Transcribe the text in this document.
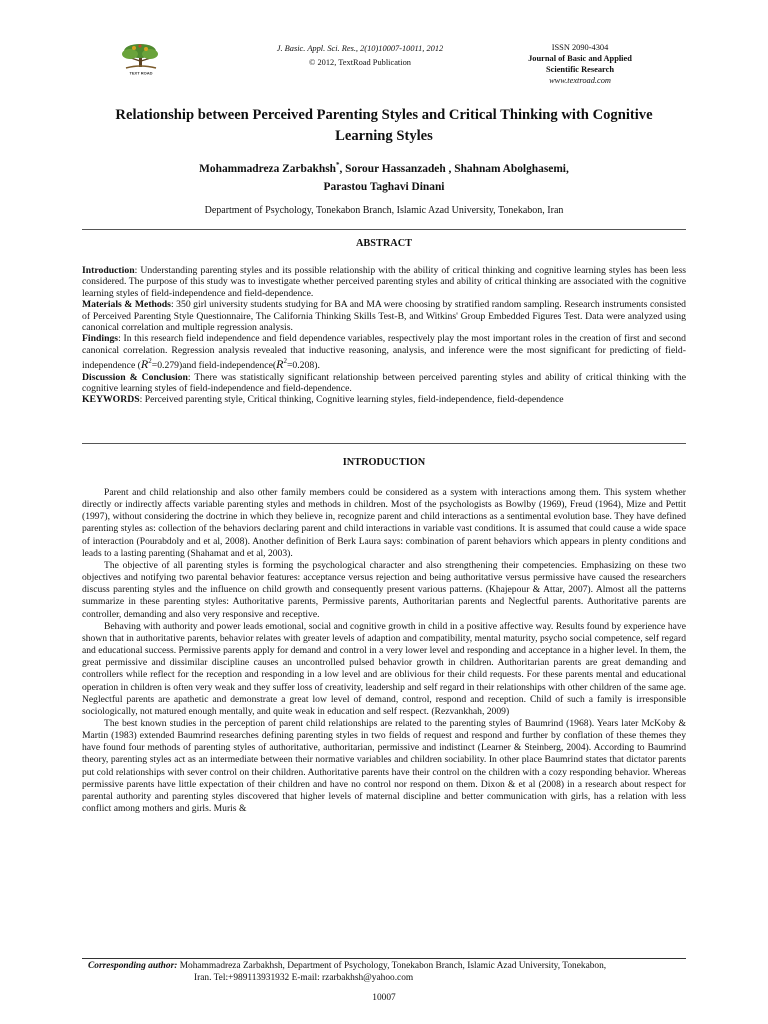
TEXT ROAD
J. Basic. Appl. Sci. Res., 2(10)10007-10011, 2012
© 2012, TextRoad Publication
ISSN 2090-4304
Journal of Basic and Applied
Scientific Research
www.textroad.com
Relationship between Perceived Parenting Styles and Critical Thinking with Cognitive Learning Styles

Mohammadreza Zarbakhsh*, Sorour Hassanzadeh , Shahnam Abolghasemi,
Parastou Taghavi Dinani

Department of Psychology, Tonekabon Branch, Islamic Azad University, Tonekabon, Iran

ABSTRACT

Introduction: Understanding parenting styles and its possible relationship with the ability of critical thinking and cognitive learning styles has been less considered. The purpose of this study was to investigate whether perceived parenting styles and ability of critical thinking are associated with the cognitive learning styles of field-independence and field-dependence.

Materials & Methods: 350 girl university students studying for BA and MA were choosing by stratified random sampling. Research instruments consisted of Perceived Parenting Style Questionnaire, The California Thinking Skills Test-B, and Witkins' Group Embedded Figures Test. Data were analyzed using canonical correlation and multiple regression analysis.

Findings: In this research field independence and field dependence variables, respectively play the most important roles in the creation of first and second canonical correlation. Regression analysis revealed that inductive reasoning, analysis, and inference were the most significant for predicting of field-independence $(R^2=0.279)and$ field-$independence(R^2=0.208)$.

Discussion & Conclusion: There was statistically significant relationship between perceived parenting styles and ability of critical thinking with the cognitive learning styles of field-independence and field-dependence.

KEYWORDS: Perceived parenting style, Critical thinking, Cognitive learning styles, field-independence, field-dependence

INTRODUCTION

Parent and child relationship and also other family members could be considered as a system with interactions among them. This system whether directly or indirectly affects variable parenting styles and methods in children. Most of the psychologists as Bowlby (1969), Freud (1964), Mize and Pettit (1997), without considering the doctrine in which they believe in, recognize parent and child interactions as a sentimental evolution base. They have defined parenting styles as: collection of the behaviors declaring parent and child interactions in variable vast conditions. It is assumed that could cause a wide space of interaction (Pourabdoly and et al, 2008). Another definition of Berk Laura says: combination of parent behaviors which appears in plenty conditions and leads to a lasting parenting (Shahamat and et al, 2003).

The objective of all parenting styles is forming the psychological character and also strengthening their competencies. Emphasizing on these two objectives and notifying two parental behavior features: acceptance versus rejection and being authoritative versus permissive have caused the researchers discuss parenting styles and the influence on child growth and consequently present various patterns. (Khajepour & Attar, 2007). Almost all the patterns summarize in these parenting styles: Authoritative parents, Permissive parents, Authoritarian parents and Neglectful parents. Authoritative parents are controller, demanding and also very responsive and receptive.

Behaving with authority and power leads emotional, social and cognitive growth in child in a positive affective way. Results found by experience have shown that in authoritative parents, behavior relates with greater levels of adaption and compatibility, mental maturity, psycho social competence, self regard and educational success. Permissive parents apply for demand and control in a very lower level and responding and acceptance in a higher level. In them, the great permissive and dissimilar discipline causes an uncontrolled pulsed behavior growth in children. Authoritarian parents are great demanding and controllers while reflect for the reception and responding in a low level and are oblivious for their child requests. For these parents mental and educational operation in children is often very weak and they suffer loss of creativity, leadership and self regard in their relationships with other children of the same age. Neglectful parents are apathetic and demonstrate a great low level of demand, control, respond and reception. Child of such a family is irresponsible sociologically, not matured enough mentally, and quite weak in education and self respect. (Rezvankhah, 2009)

The best known studies in the perception of parent child relationships are related to the parenting styles of Baumrind (1968). Years later McKoby & Martin (1983) extended Baumrind researches defining parenting styles in two fields of request and respond and further by conflation of these themes they have found four methods of parenting styles of authoritative, authoritarian, permissive and indistinct (Learner & Steinberg, 2004). According to Baumrind theory, parenting styles act as an intermediate between their normative variables and children sociability. In other place Baumrind states that dictator parents put cold relationships with sever control on their children. Authoritative parents have their control on the children with a cozy responding behavior. Whereas permissive parents have little expectation of their children and have no control nor respond on them. Dixon & et al (2008) in a research about respect for parental authority and parenting styles discovered that higher levels of maternal discipline and better communication with girls, has a relation with less conflict among mothers and girls. Muris &

Corresponding author: Mohammadreza Zarbakhsh, Department of Psychology, Tonekabon Branch, Islamic Azad University, Tonekabon,
Iran. Tel:+989113931932 E-mail: rzarbakhsh@yahoo.com
10007
